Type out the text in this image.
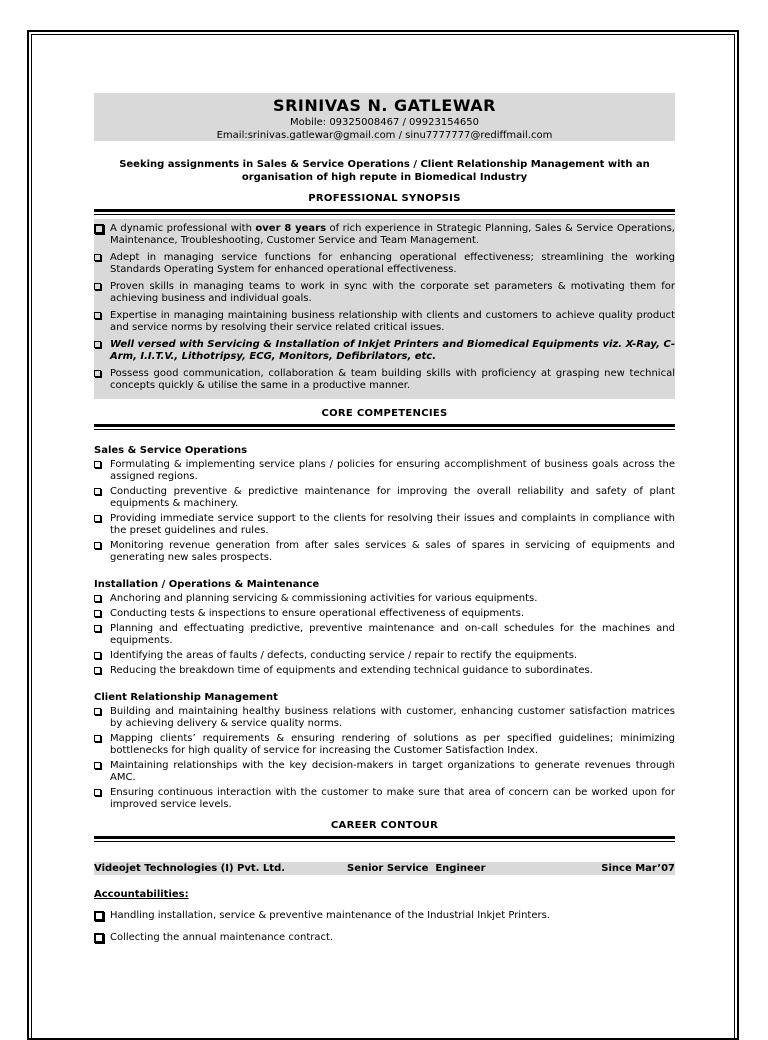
SRINIVAS N. GATLEWAR
Mobile: 09325008467 / 09923154650
Email:srinivas.gatlewar@gmail.com / sinu7777777@rediffmail.com
Seeking assignments in Sales & Service Operations / Client Relationship Management with an organisation of high repute in Biomedical Industry
PROFESSIONAL SYNOPSIS
A dynamic professional with over 8 years of rich experience in Strategic Planning, Sales & Service Operations, Maintenance, Troubleshooting, Customer Service and Team Management.
Adept in managing service functions for enhancing operational effectiveness; streamlining the working Standards Operating System for enhanced operational effectiveness.
Proven skills in managing teams to work in sync with the corporate set parameters & motivating them for achieving business and individual goals.
Expertise in managing maintaining business relationship with clients and customers to achieve quality product and service norms by resolving their service related critical issues.
Well versed with Servicing & Installation of Inkjet Printers and Biomedical Equipments viz. X-Ray, C-Arm, I.I.T.V., Lithotripsy, ECG, Monitors, Defibrilators, etc.
Possess good communication, collaboration & team building skills with proficiency at grasping new technical concepts quickly & utilise the same in a productive manner.
CORE COMPETENCIES
Sales & Service Operations
Formulating & implementing service plans / policies for ensuring accomplishment of business goals across the assigned regions.
Conducting preventive & predictive maintenance for improving the overall reliability and safety of plant equipments & machinery.
Providing immediate service support to the clients for resolving their issues and complaints in compliance with the preset guidelines and rules.
Monitoring revenue generation from after sales services & sales of spares in servicing of equipments and generating new sales prospects.
Installation / Operations & Maintenance
Anchoring and planning servicing & commissioning activities for various equipments.
Conducting tests & inspections to ensure operational effectiveness of equipments.
Planning and effectuating predictive, preventive maintenance and on-call schedules for the machines and equipments.
Identifying the areas of faults / defects, conducting service / repair to rectify the equipments.
Reducing the breakdown time of equipments and extending technical guidance to subordinates.
Client Relationship Management
Building and maintaining healthy business relations with customer, enhancing customer satisfaction matrices by achieving delivery & service quality norms.
Mapping clients’ requirements & ensuring rendering of solutions as per specified guidelines; minimizing bottlenecks for high quality of service for increasing the Customer Satisfaction Index.
Maintaining relationships with the key decision-makers in target organizations to generate revenues through AMC.
Ensuring continuous interaction with the customer to make sure that area of concern can be worked upon for improved service levels.
CAREER CONTOUR
Videojet Technologies (I) Pvt. Ltd.	Senior Service  Engineer	Since Mar’07
Accountabilities:
Handling installation, service & preventive maintenance of the Industrial Inkjet Printers.
Collecting the annual maintenance contract.
